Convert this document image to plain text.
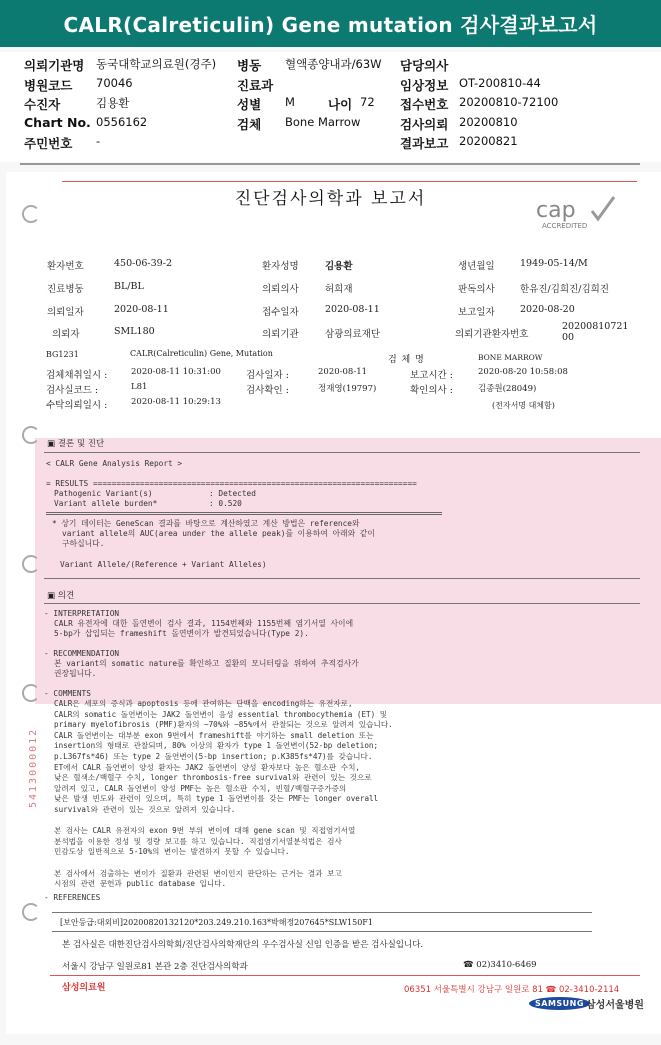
CALR(Calreticulin) Gene mutation 검사결과보고서
의뢰기관명 동국대학교의료원(경주) 병동 혈액종양내과/63W 담당의사
병원코드 70046	진료과	임상정보 OT-200810-44
수진자	김용환	성별 M	나이 72 접수번호 20200810-72100
Chart No. 0556162	검체 Bone Marrow	검사의뢰 20200810
주민번호 -	결과보고 20200821
진단검사의학과 보고서	cap
ACCREDITED
환자번호	450-06-39-2	환자성명	김용환	생년월일	1949-05-14/M
진료병동	BL/BL	의뢰의사	허희재	판독의사	한유진/김희진/김희진
의뢰일자	2020-08-11	접수일자	2020-08-11	보고일자	2020-08-20
의뢰자	SML180	의뢰기관	삼광의료재단	의뢰기관환자번호
2020081072100
BG1231	CALR(Calreticulin) Gene, Mutation
검 체 명	BONE MARROW
검체채취일시 :	2020-08-11 10:31:00	검사일자 :	2020-08-11	보고시간 :	2020-08-20 10:58:08
검사실코드 :	L81	검사확인 :	정재영(19797)	확인의사 :	김종원(28049)
수탁의뢰일시 :	2020-08-11 10:29:13	(전자서명 대체함)
▣ 결론 및 진단
< CALR Gene Analysis Report >
= RESULTS =====================================================================
Pathogenic Variant(s)	: Detected
Variant allele burden*	: 0.520
* 상기 데이터는 GeneScan 결과를 바탕으로 계산하였고 계산 방법은 reference와
variant allele의 AUC(area under the allele peak)를 이용하여 아래와 같이
구하십니다.
Variant Allele/(Reference + Variant Alleles)
▣ 의견
- INTERPRETATION
CALR 유전자에 대한 돌연변이 검사 결과, 1154번째와 1155번째 염기서열 사이에
5-bp가 삽입되는 frameshift 돌연변이가 발견되었습니다(Type 2).
- RECOMMENDATION
본 variant의 somatic nature를 확인하고 질환의 모니터링을 위하여 추적검사가
권장됩니다.
- COMMENTS
CALR은 세포의 증식과 apoptosis 등에 관여하는 단백을 encoding하는 유전자로,
CALR의 somatic 돌연변이는 JAK2 돌연변이 음성 essential thrombocythemia (ET) 및
primary myelofibrosis (PMF)환자의 ~70%와 ~85%에서 관찰되는 것으로 알려져 있습니다.
CALR 돌연변이는 대부분 exon 9번에서 frameshift를 야기하는 small deletion 또는
insertion의 형태로 관찰되며, 80% 이상의 환자가 type 1 돌연변이(52-bp deletion;
p.L367fs*46) 또는 type 2 돌연변이(5-bp insertion; p.K385fs*47)를 갖습니다.
ET에서 CALR 돌연변이 양성 환자는 JAK2 돌연변이 양성 환자보다 높은 혈소판 수치,
낮은 혈색소/백혈구 수치, longer thrombosis-free survival와 관련이 있는 것으로
알려져 있고, CALR 돌연변이 양성 PMF는 높은 혈소판 수치, 빈혈/백혈구증가증의
낮은 발생 빈도와 관련이 있으며, 특히 type 1 돌연변이를 갖는 PMF는 longer overall
survival와 관련이 있는 것으로 알려져 있습니다.

본 검사는 CALR 유전자의 exon 9번 부위 변이에 대해 gene scan 및 직접염기서열
분석법을 이용한 정성 및 정량 보고를 하고 있습니다. 직접염기서열분석법은 검사
민감도상 일반적으로 5-10%의 변이는 발견하지 못할 수 있습니다.

본 검사에서 검출하는 변이가 질환과 관련된 변이인지 판단하는 근거는 결과 보고
시점의 관련 문헌과 public database 입니다.
- REFERENCES
5413000012
[보안등급:대외비]20200820132120*203.249.210.163*박해정207645*SLW150F1
본 검사실은 대한진단검사의학회/진단검사의학재단의 우수검사실 신임 인증을 받은 검사실입니다.
서울시 강남구 일원로81 본관 2층 진단검사의학과	☎ 02)3410-6469
삼성의료원	06351 서울특별시 강남구 일원로 81 ☎ 02-3410-2114
SAMSUNG 삼성서울병원
